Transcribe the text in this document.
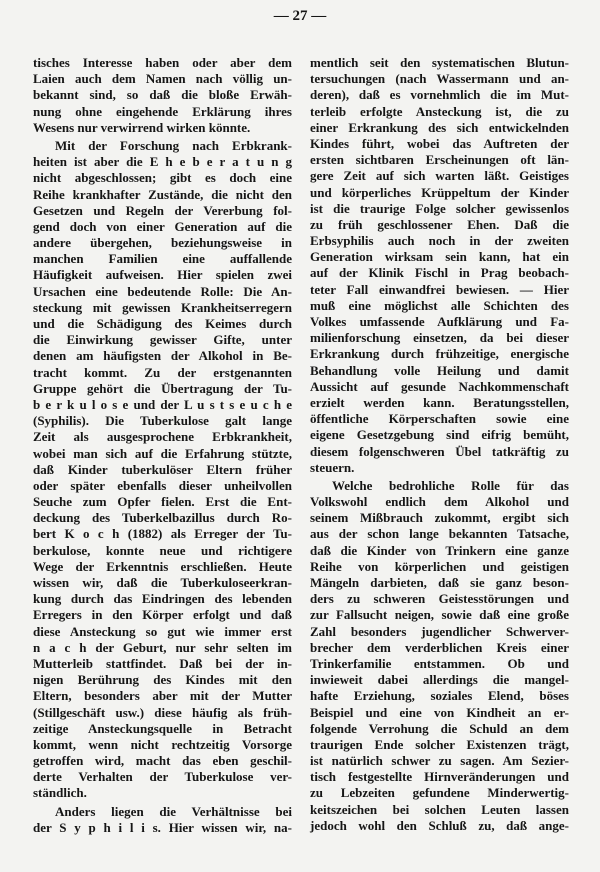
— 27 —
tisches Interesse haben oder aber dem
Laien auch dem Namen nach völlig un-
bekannt sind, so daß die bloße Erwäh-
nung ohne eingehende Erklärung ihres
Wesens nur verwirrend wirken könnte.
Mit der Forschung nach Erbkrank-
heiten ist aber die E h e b e r a t u n g
nicht abgeschlossen; gibt es doch eine
Reihe krankhafter Zustände, die nicht den
Gesetzen und Regeln der Vererbung fol-
gend doch von einer Generation auf die
andere übergehen, beziehungsweise in
manchen Familien eine auffallende
Häufigkeit aufweisen. Hier spielen zwei
Ursachen eine bedeutende Rolle: Die An-
steckung mit gewissen Krankheitserregern
und die Schädigung des Keimes durch
die Einwirkung gewisser Gifte, unter
denen am häufigsten der Alkohol in Be-
tracht kommt. Zu der erstgenannten
Gruppe gehört die Übertragung der Tu-
b e r k u l o s e und der L u s t s e u c h e
(Syphilis). Die Tuberkulose galt lange
Zeit als ausgesprochene Erbkrankheit,
wobei man sich auf die Erfahrung stützte,
daß Kinder tuberkulöser Eltern früher
oder später ebenfalls dieser unheilvollen
Seuche zum Opfer fielen. Erst die Ent-
deckung des Tuberkelbazillus durch Ro-
bert K o c h (1882) als Erreger der Tu-
berkulose, konnte neue und richtigere
Wege der Erkenntnis erschließen. Heute
wissen wir, daß die Tuberkuloseerkran-
kung durch das Eindringen des lebenden
Erregers in den Körper erfolgt und daß
diese Ansteckung so gut wie immer erst
n a c h der Geburt, nur sehr selten im
Mutterleib stattfindet. Daß bei der in-
nigen Berührung des Kindes mit den
Eltern, besonders aber mit der Mutter
(Stillgeschäft usw.) diese häufig als früh-
zeitige Ansteckungsquelle in Betracht
kommt, wenn nicht rechtzeitig Vorsorge
getroffen wird, macht das eben geschil-
derte Verhalten der Tuberkulose ver-
ständlich.
Anders liegen die Verhältnisse bei
der S y p h i l i s. Hier wissen wir, na-
mentlich seit den systematischen Blutun-
tersuchungen (nach Wassermann und an-
deren), daß es vornehmlich die im Mut-
terleib erfolgte Ansteckung ist, die zu
einer Erkrankung des sich entwickelnden
Kindes führt, wobei das Auftreten der
ersten sichtbaren Erscheinungen oft län-
gere Zeit auf sich warten läßt. Geistiges
und körperliches Krüppeltum der Kinder
ist die traurige Folge solcher gewissenlos
zu früh geschlossener Ehen. Daß die
Erbsyphilis auch noch in der zweiten
Generation wirksam sein kann, hat ein
auf der Klinik Fischl in Prag beobach-
teter Fall einwandfrei bewiesen. — Hier
muß eine möglichst alle Schichten des
Volkes umfassende Aufklärung und Fa-
milienforschung einsetzen, da bei dieser
Erkrankung durch frühzeitige, energische
Behandlung volle Heilung und damit
Aussicht auf gesunde Nachkommenschaft
erzielt werden kann. Beratungsstellen,
öffentliche Körperschaften sowie eine
eigene Gesetzgebung sind eifrig bemüht,
diesem folgenschweren Übel tatkräftig zu
steuern.
Welche bedrohliche Rolle für das
Volkswohl endlich dem Alkohol und
seinem Mißbrauch zukommt, ergibt sich
aus der schon lange bekannten Tatsache,
daß die Kinder von Trinkern eine ganze
Reihe von körperlichen und geistigen
Mängeln darbieten, daß sie ganz beson-
ders zu schweren Geistesstörungen und
zur Fallsucht neigen, sowie daß eine große
Zahl besonders jugendlicher Schwerver-
brecher dem verderblichen Kreis einer
Trinkerfamilie entstammen. Ob und
inwieweit dabei allerdings die mangel-
hafte Erziehung, soziales Elend, böses
Beispiel und eine von Kindheit an er-
folgende Verrohung die Schuld an dem
traurigen Ende solcher Existenzen trägt,
ist natürlich schwer zu sagen. Am Sezier-
tisch festgestellte Hirnveränderungen und
zu Lebzeiten gefundene Minderwertig-
keitszeichen bei solchen Leuten lassen
jedoch wohl den Schluß zu, daß ange-
